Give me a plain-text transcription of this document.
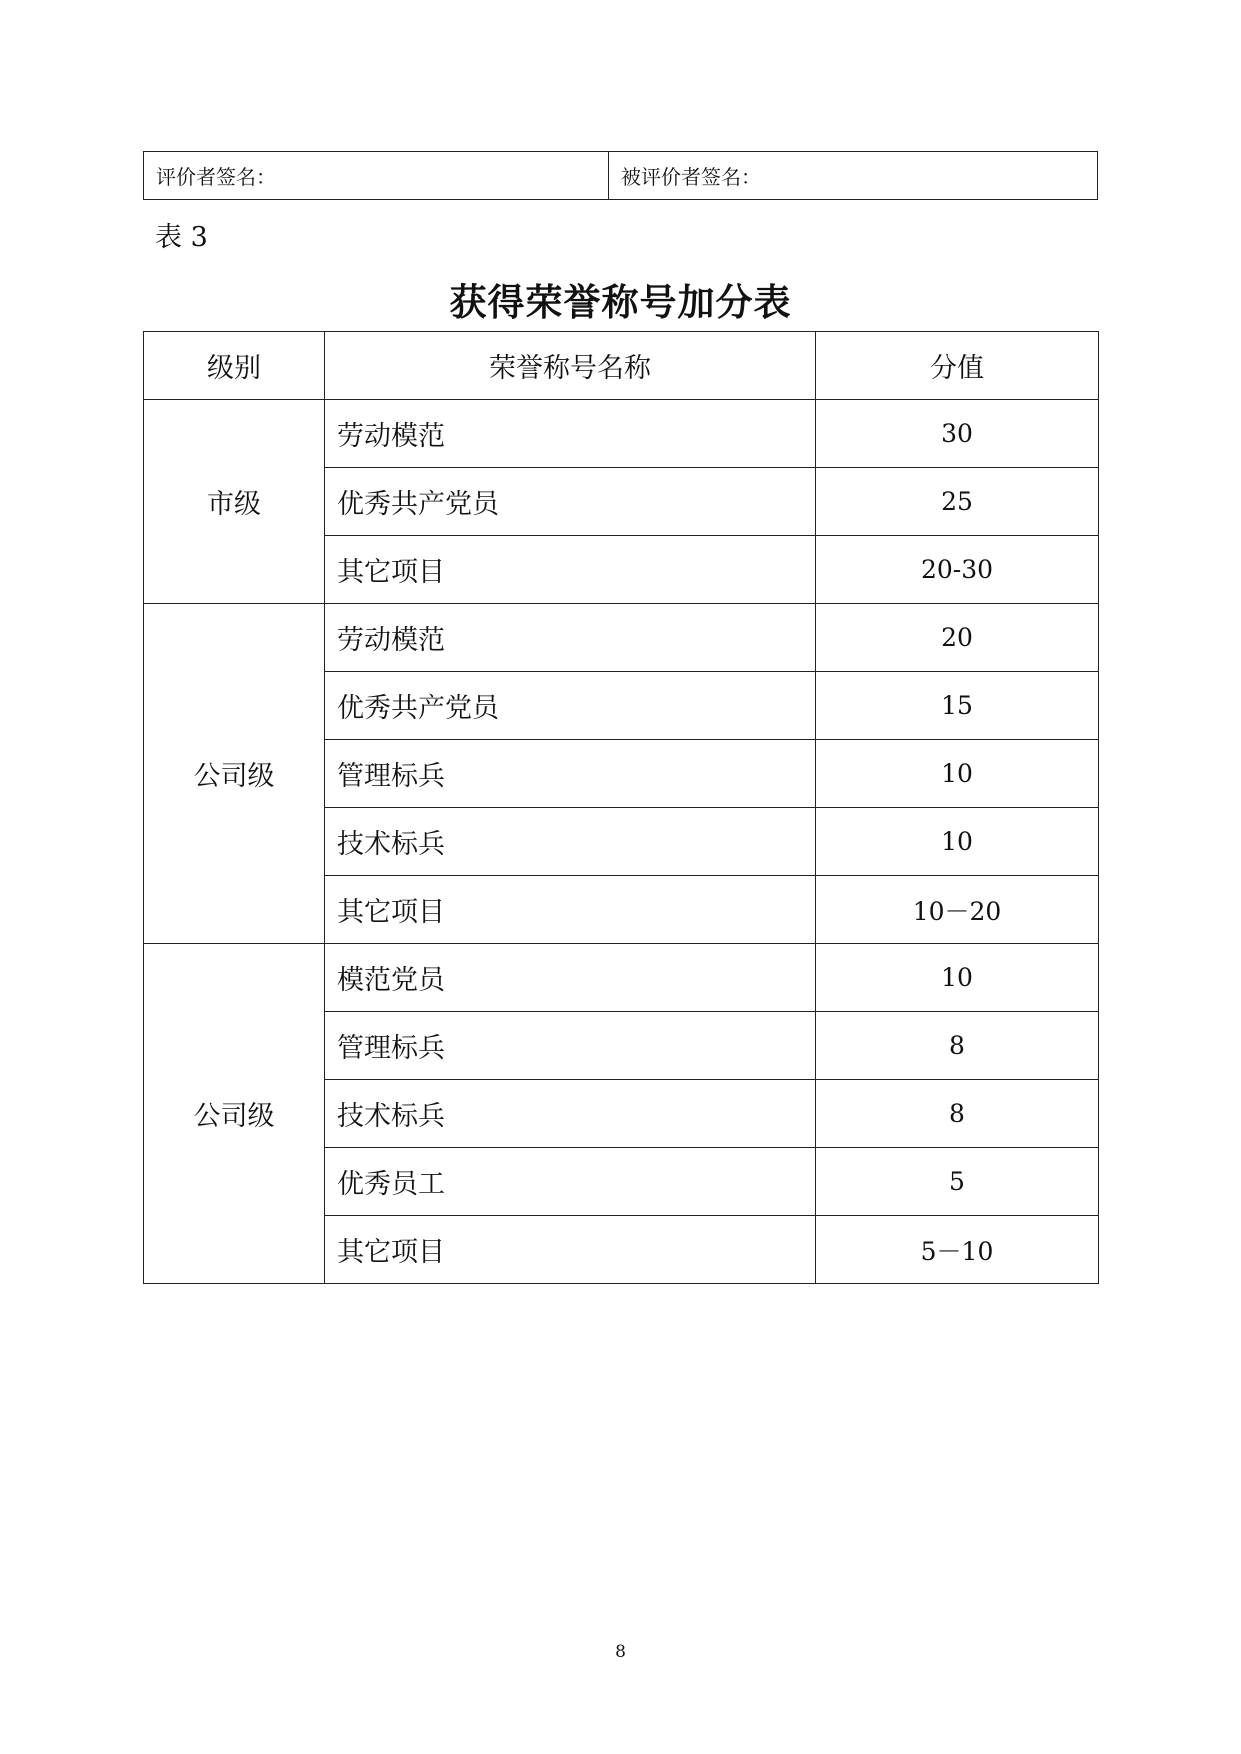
评价者签名：	被评价者签名：
表 3
获得荣誉称号加分表
级别	荣誉称号名称	分值
市级	劳动模范	30
	优秀共产党员	25
	其它项目	20-30
公司级	劳动模范	20
	优秀共产党员	15
	管理标兵	10
	技术标兵	10
	其它项目	10－20
公司级	模范党员	10
	管理标兵	8
	技术标兵	8
	优秀员工	5
	其它项目	5－10
8
